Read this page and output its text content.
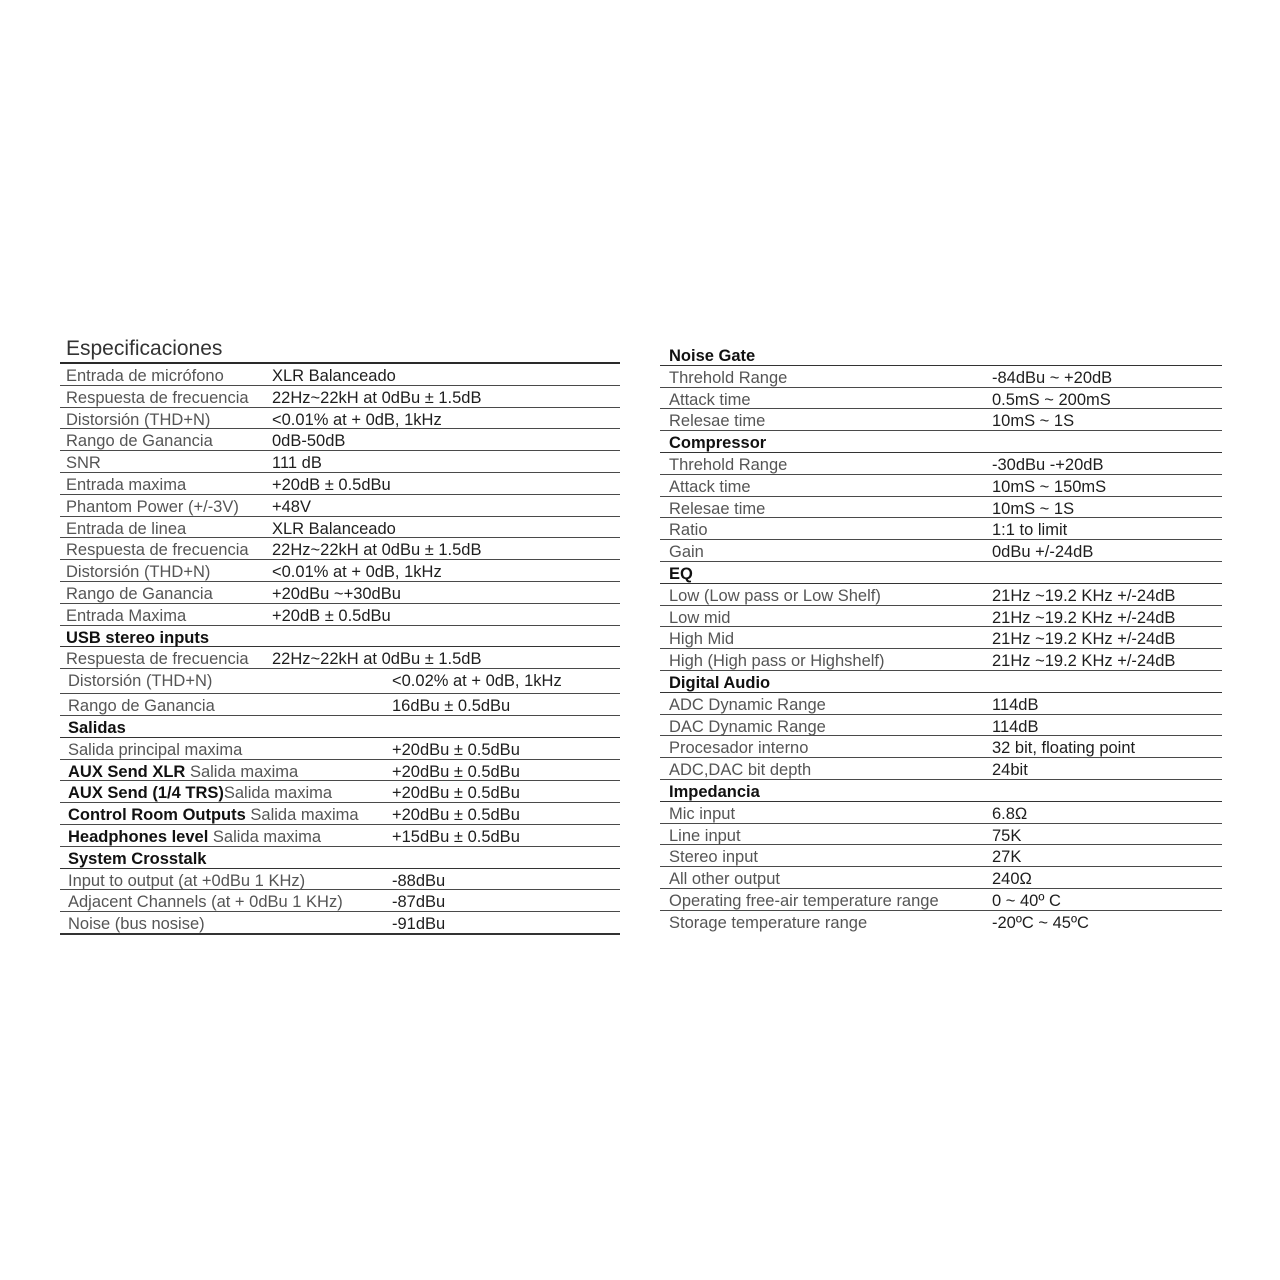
Especificaciones
Entrada de micrófono	XLR Balanceado
Respuesta de frecuencia 22Hz~22kH at 0dBu ± 1.5dB
Distorsión (THD+N)	<0.01% at + 0dB, 1kHz
Rango de Ganancia	0dB-50dB
SNR	111 dB
Entrada maxima	+20dB ± 0.5dBu
Phantom Power (+/-3V) +48V
Entrada de linea	XLR Balanceado
Respuesta de frecuencia 22Hz~22kH at 0dBu ± 1.5dB
Distorsión (THD+N)	<0.01% at + 0dB, 1kHz
Rango de Ganancia	+20dBu ~+30dBu
Entrada Maxima	+20dB ± 0.5dBu
USB stereo inputs
Respuesta de frecuencia 22Hz~22kH at 0dBu ± 1.5dB
Distorsión (THD+N)	<0.02% at + 0dB, 1kHz
Rango de Ganancia	16dBu ± 0.5dBu
Salidas
Salida principal maxima	+20dBu ± 0.5dBu
AUX Send XLR Salida maxima	+20dBu ± 0.5dBu
AUX Send (1/4 TRS)Salida maxima	+20dBu ± 0.5dBu
Control Room Outputs Salida maxima +20dBu ± 0.5dBu
Headphones level Salida maxima	+15dBu ± 0.5dBu
System Crosstalk
Input to output (at +0dBu 1 KHz)	-88dBu
Adjacent Channels (at + 0dBu 1 KHz)	-87dBu
Noise (bus nosise)	-91dBu
Noise Gate
Threhold Range	-84dBu ~ +20dB
Attack time	0.5mS ~ 200mS
Relesae time	10mS ~ 1S
Compressor
Threhold Range	-30dBu -+20dB
Attack time	10mS ~ 150mS
Relesae time	10mS ~ 1S
Ratio	1:1 to limit
Gain	0dBu +/-24dB
EQ
Low (Low pass or Low Shelf)	21Hz ~19.2 KHz +/-24dB
Low mid	21Hz ~19.2 KHz +/-24dB
High Mid	21Hz ~19.2 KHz +/-24dB
High (High pass or Highshelf)	21Hz ~19.2 KHz +/-24dB
Digital Audio
ADC Dynamic Range	114dB
DAC Dynamic Range	114dB
Procesador interno	32 bit, floating point
ADC,DAC bit depth	24bit
Impedancia
Mic input	6.8Ω
Line input	75K
Stereo input	27K
All other output	240Ω
Operating free-air temperature range	0 ~ 40º C
Storage temperature range	-20ºC ~ 45ºC
